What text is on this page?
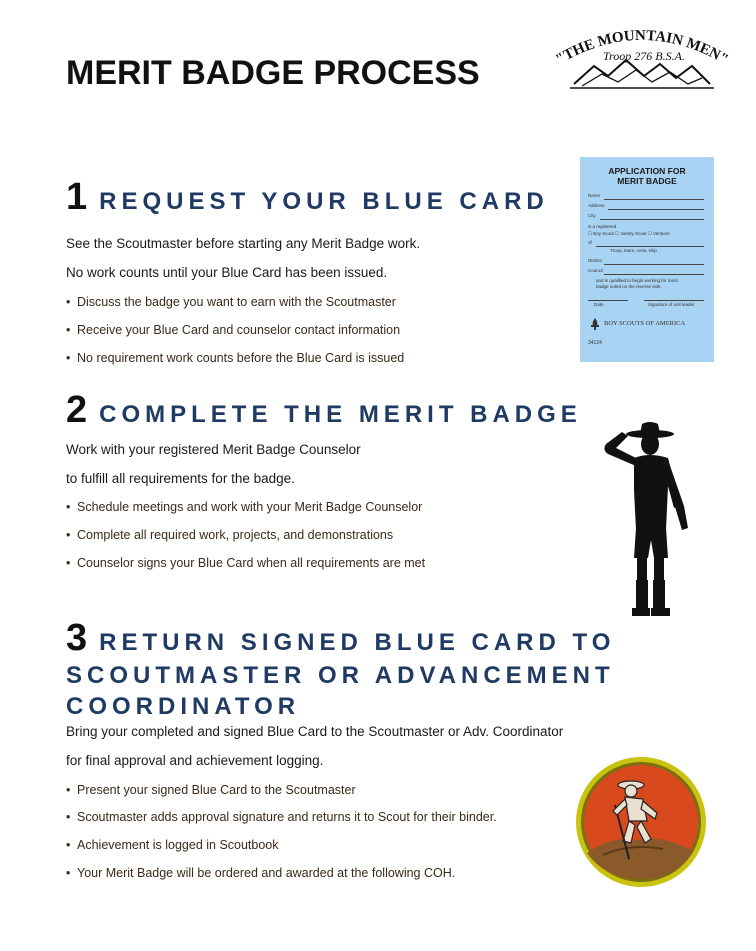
MERIT BADGE PROCESS	"THE MOUNTAIN MEN"
Troop 276 B.S.A.
1 REQUEST YOUR BLUE CARD
See the Scoutmaster before starting any Merit Badge work.
No work counts until your Blue Card has been issued.
• Discuss the badge you want to earn with the Scoutmaster
• Receive your Blue Card and counselor contact information
• No requirement work counts before the Blue Card is issued
APPLICATION FOR
MERIT BADGE
Name
Address
City
is a registered
☐ Boy Scout ☐ Varsity Scout ☐ Venturer
of
Troop, team, crew, ship
District
Council
and is qualified to begin working for merit
badge noted on the reverse side.
Date	Signature of unit leader
BOY SCOUTS OF AMERICA
34124
2 COMPLETE THE MERIT BADGE
Work with your registered Merit Badge Counselor
to fulfill all requirements for the badge.
• Schedule meetings and work with your Merit Badge Counselor
• Complete all required work, projects, and demonstrations
• Counselor signs your Blue Card when all requirements are met
3 RETURN SIGNED BLUE CARD TO
SCOUTMASTER OR ADVANCEMENT
COORDINATOR
Bring your completed and signed Blue Card to the Scoutmaster or Adv. Coordinator
for final approval and achievement logging.
• Present your signed Blue Card to the Scoutmaster
• Scoutmaster adds approval signature and returns it to Scout for their binder.
• Achievement is logged in Scoutbook
• Your Merit Badge will be ordered and awarded at the following COH.
